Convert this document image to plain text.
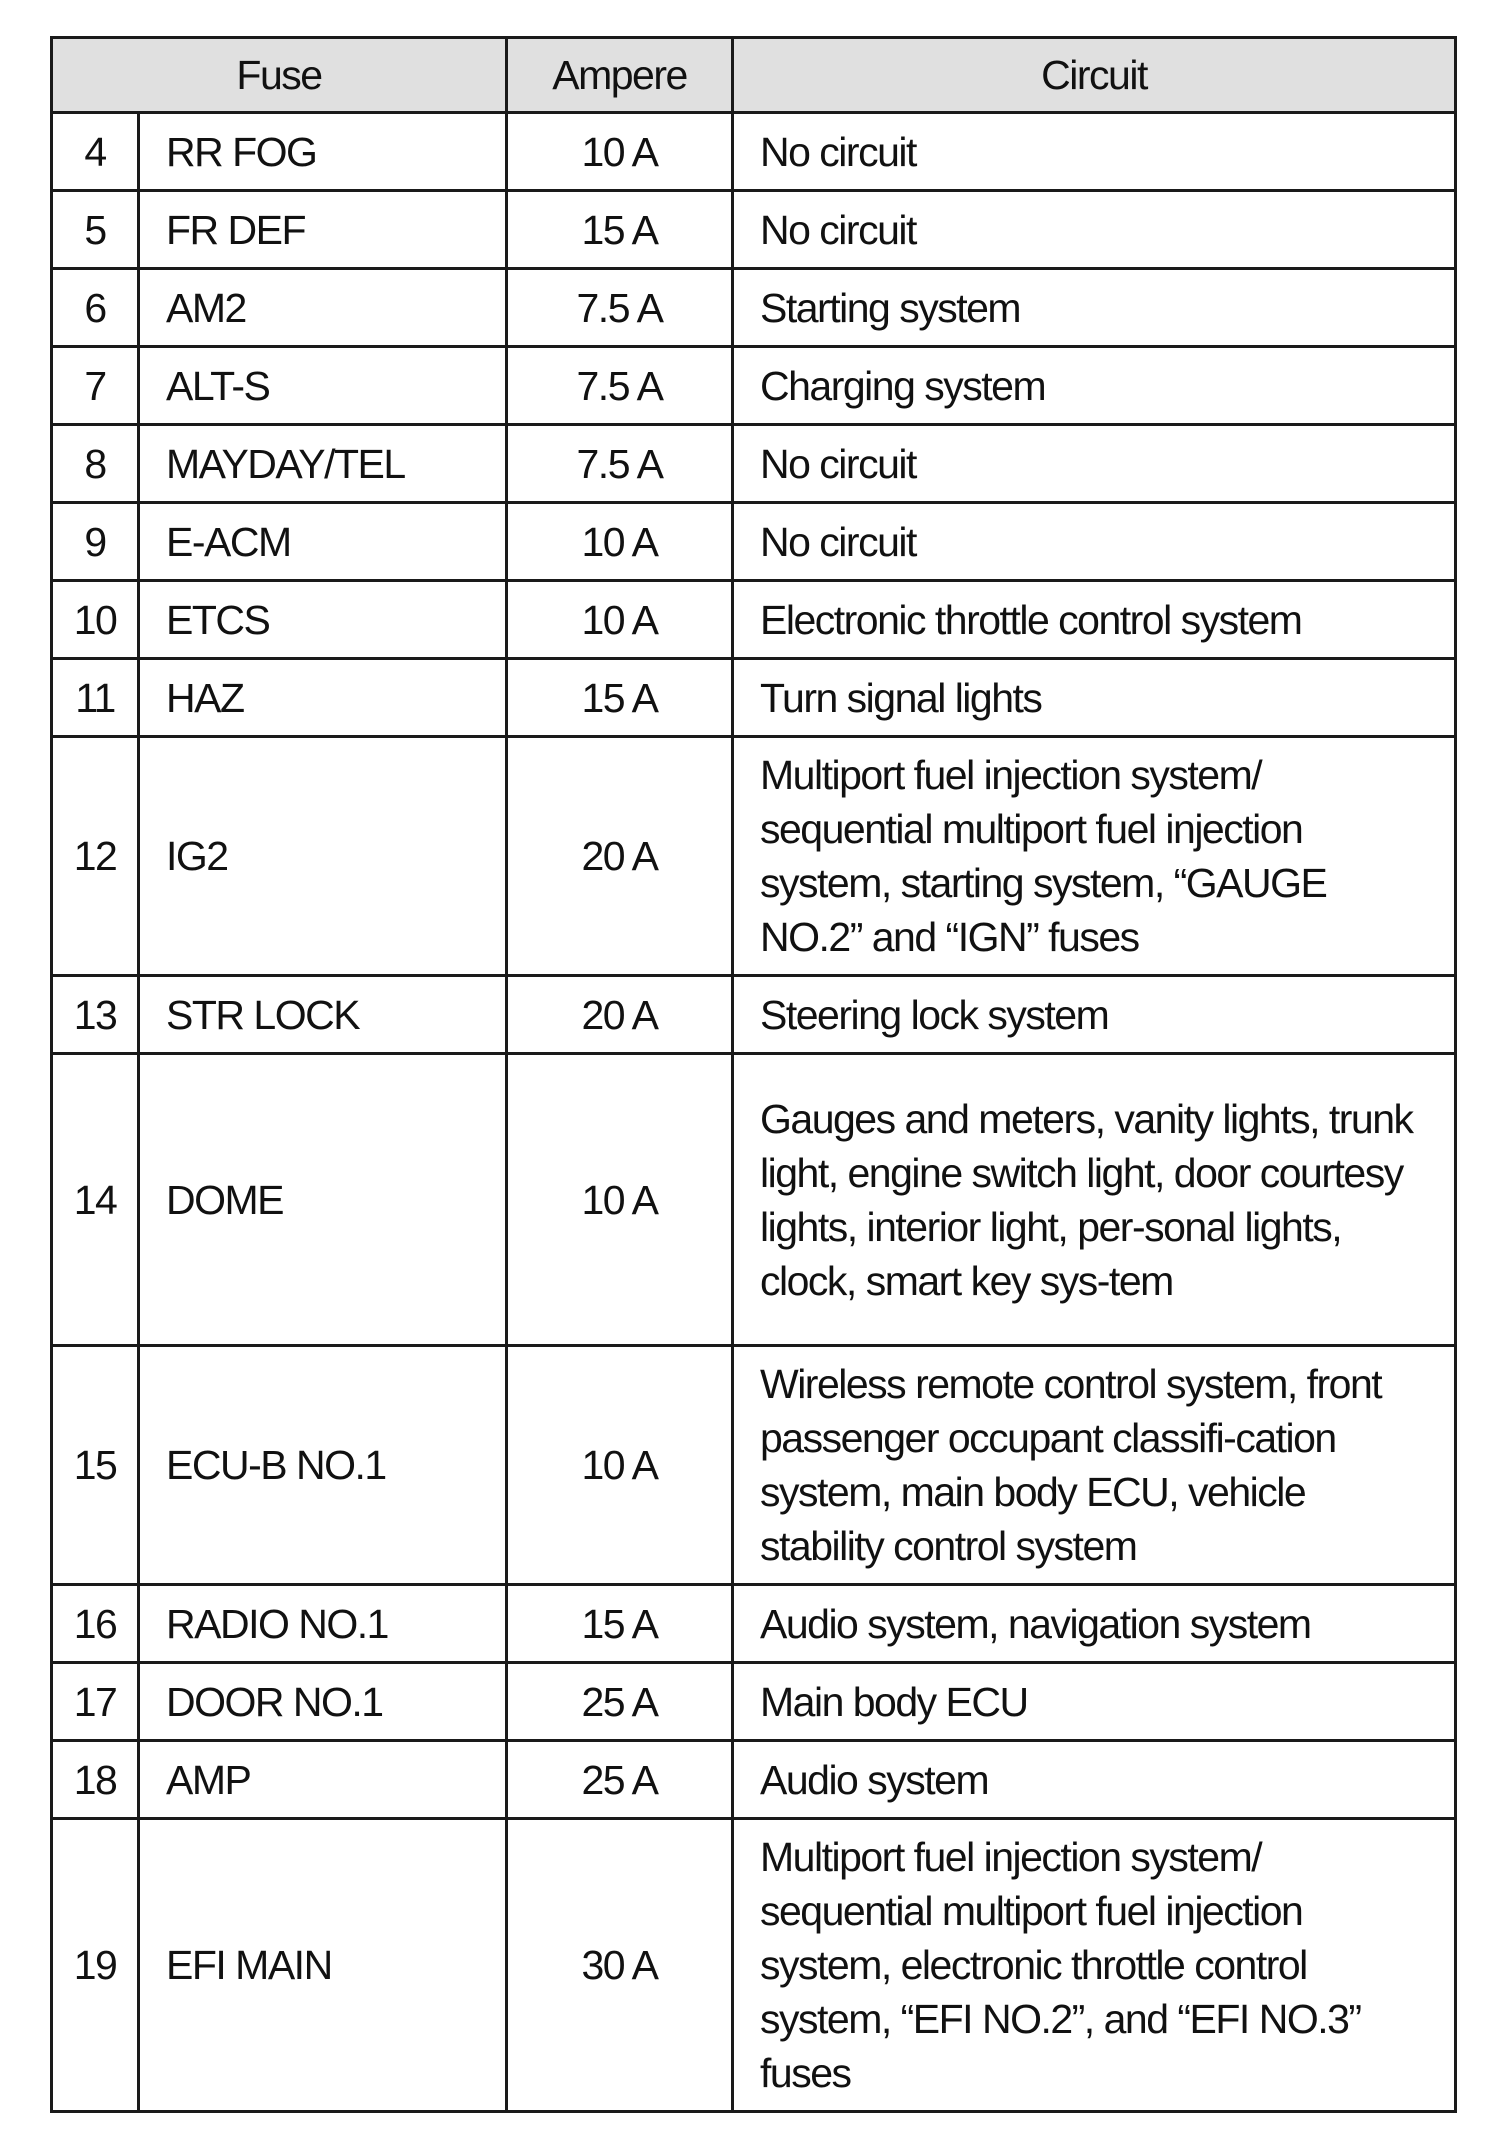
Fuse		Ampere	Circuit
4	RR FOG	10 A	No circuit
5	FR DEF	15 A	No circuit
6	AM2	7.5 A	Starting system
7	ALT-S	7.5 A	Charging system
8	MAYDAY/TEL	7.5 A	No circuit
9	E-ACM	10 A	No circuit
10	ETCS	10 A	Electronic throttle control system
11	HAZ	15 A	Turn signal lights
12	IG2	20 A	Multiport fuel injection system/ sequential multiport fuel injection system, starting system, “GAUGE NO.2” and “IGN” fuses
13	STR LOCK	20 A	Steering lock system
14	DOME	10 A	Gauges and meters, vanity lights, trunk light, engine switch light, door courtesy lights, interior light, per-sonal lights, clock, smart key sys-tem
15	ECU-B NO.1	10 A	Wireless remote control system, front passenger occupant classifi-cation system, main body ECU, vehicle stability control system
16	RADIO NO.1	15 A	Audio system, navigation system
17	DOOR NO.1	25 A	Main body ECU
18	AMP	25 A	Audio system
19	EFI MAIN	30 A	Multiport fuel injection system/ sequential multiport fuel injection system, electronic throttle control system, “EFI NO.2”, and “EFI NO.3” fuses
